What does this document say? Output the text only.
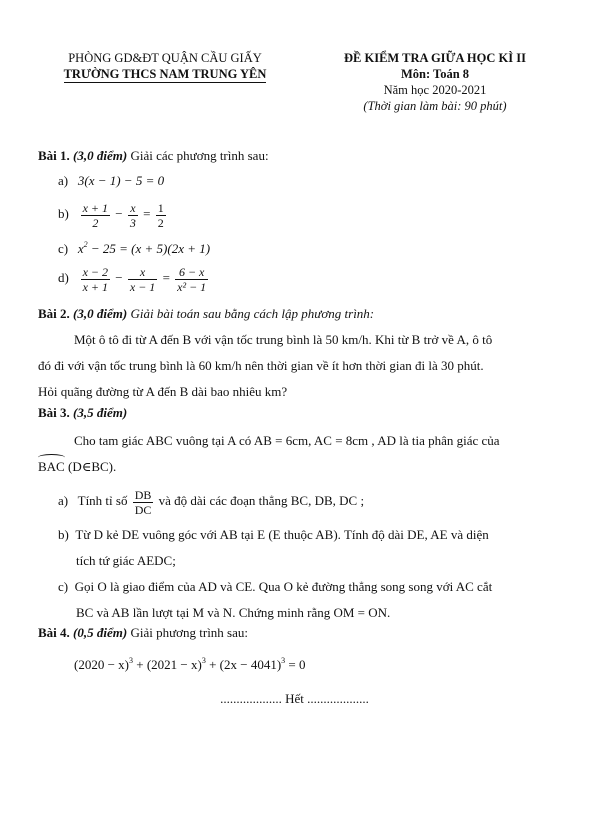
PHÒNG GD&ĐT QUẬN CẦU GIẤY
TRƯỜNG THCS NAM TRUNG YÊN
ĐỀ KIỂM TRA GIỮA HỌC KÌ II
Môn: Toán 8
Năm học 2020-2021
(Thời gian làm bài: 90 phút)
Bài 1. (3,0 điểm) Giải các phương trình sau:
a) 3(x − 1) − 5 = 0
$b) \frac{x + 1}{2} - \frac{x}{3} = \frac{1}{2}$
c) $x^2 - 25 = (x + 5)(2x + 1)$
$d) \frac{x - 2}{x + 1} - \frac{x}{x - 1} = \frac{6 - x}{\text{x² − 1}}$
Bài 2. (3,0 điểm) Giải bài toán sau bằng cách lập phương trình:
Một ô tô đi từ A đến B với vận tốc trung bình là 50 km/h. Khi từ B trở về A, ô tô
đó đi với vận tốc trung bình là 60 km/h nên thời gian về ít hơn thời gian đi là 30 phút.
Hỏi quãng đường từ A đến B dài bao nhiêu km?
Bài 3. (3,5 điểm)
Cho tam giác ABC vuông tại A có AB = 6cm, AC = 8cm , AD là tia phân giác của
BAC (D∈BC).
a) Tính tỉ số $\frac{DB}{DC}$ và độ dài các đoạn thẳng BC, DB, DC ;
b) Từ D kẻ DE vuông góc với AB tại E (E thuộc AB). Tính độ dài DE, AE và diện
tích tứ giác AEDC;
c) Gọi O là giao điểm của AD và CE. Qua O kẻ đường thẳng song song với AC cắt
BC và AB lần lượt tại M và N. Chứng minh rằng OM = ON.
Bài 4. (0,5 điểm) Giải phương trình sau:
$(2020 - x)^3 + (2021 - x)^3 + (2x - 4041)^3 = 0$
................... Hết ...................
